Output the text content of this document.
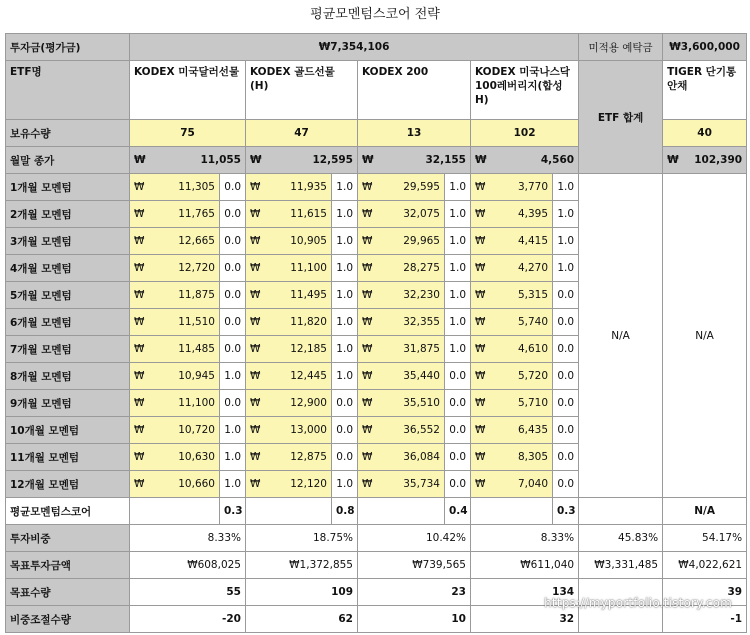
평균모멘텀스코어 전략
투자금(평가금)	₩7,354,106								미적용 예탁금	₩3,600,000
ETF명	KODEX 미국달러선물		KODEX 골드선물(H)		KODEX 200		KODEX 미국나스닥100레버리지(합성 H)		ETF 합계	TIGER 단기통안채
보유수량	75		47		13		102			40
월말 종가	₩ 11,055		₩ 12,595		₩ 32,155		₩ 4,560			₩ 102,390

1개월 모멘텀	₩ 11,305	0.0	₩ 11,935	1.0	₩ 29,595	1.0	₩ 3,770	1.0	N/A	N/A
2개월 모멘텀	₩ 11,765	0.0	₩ 11,615	1.0	₩ 32,075	1.0	₩ 4,395	1.0		
3개월 모멘텀	₩ 12,665	0.0	₩ 10,905	1.0	₩ 29,965	1.0	₩ 4,415	1.0		
4개월 모멘텀	₩ 12,720	0.0	₩ 11,100	1.0	₩ 28,275	1.0	₩ 4,270	1.0		
5개월 모멘텀	₩ 11,875	0.0	₩ 11,495	1.0	₩ 32,230	1.0	₩ 5,315	0.0		
6개월 모멘텀	₩ 11,510	0.0	₩ 11,820	1.0	₩ 32,355	1.0	₩ 5,740	0.0		
7개월 모멘텀	₩ 11,485	0.0	₩ 12,185	1.0	₩ 31,875	1.0	₩ 4,610	0.0		
8개월 모멘텀	₩ 10,945	1.0	₩ 12,445	1.0	₩ 35,440	0.0	₩ 5,720	0.0		
9개월 모멘텀	₩ 11,100	0.0	₩ 12,900	0.0	₩ 35,510	0.0	₩ 5,710	0.0		
10개월 모멘텀	₩ 10,720	1.0	₩ 13,000	0.0	₩ 36,552	0.0	₩ 6,435	0.0		
11개월 모멘텀	₩ 10,630	1.0	₩ 12,875	0.0	₩ 36,084	0.0	₩ 8,305	0.0		
12개월 모멘텀	₩ 10,660	1.0	₩ 12,120	1.0	₩ 35,734	0.0	₩ 7,040	0.0		
평균모멘텀스코어		0.3		0.8		0.4		0.3		N/A
투자비중	8.33%		18.75%		10.42%		8.33%		45.83%	54.17%
목표투자금액	₩608,025		₩1,372,855		₩739,565		₩611,040		₩3,331,485	₩4,022,621
목표수량	55		109		23		134			39
비중조절수량	-20		62		10		32			-1
https://myportfolio.tistory.com
